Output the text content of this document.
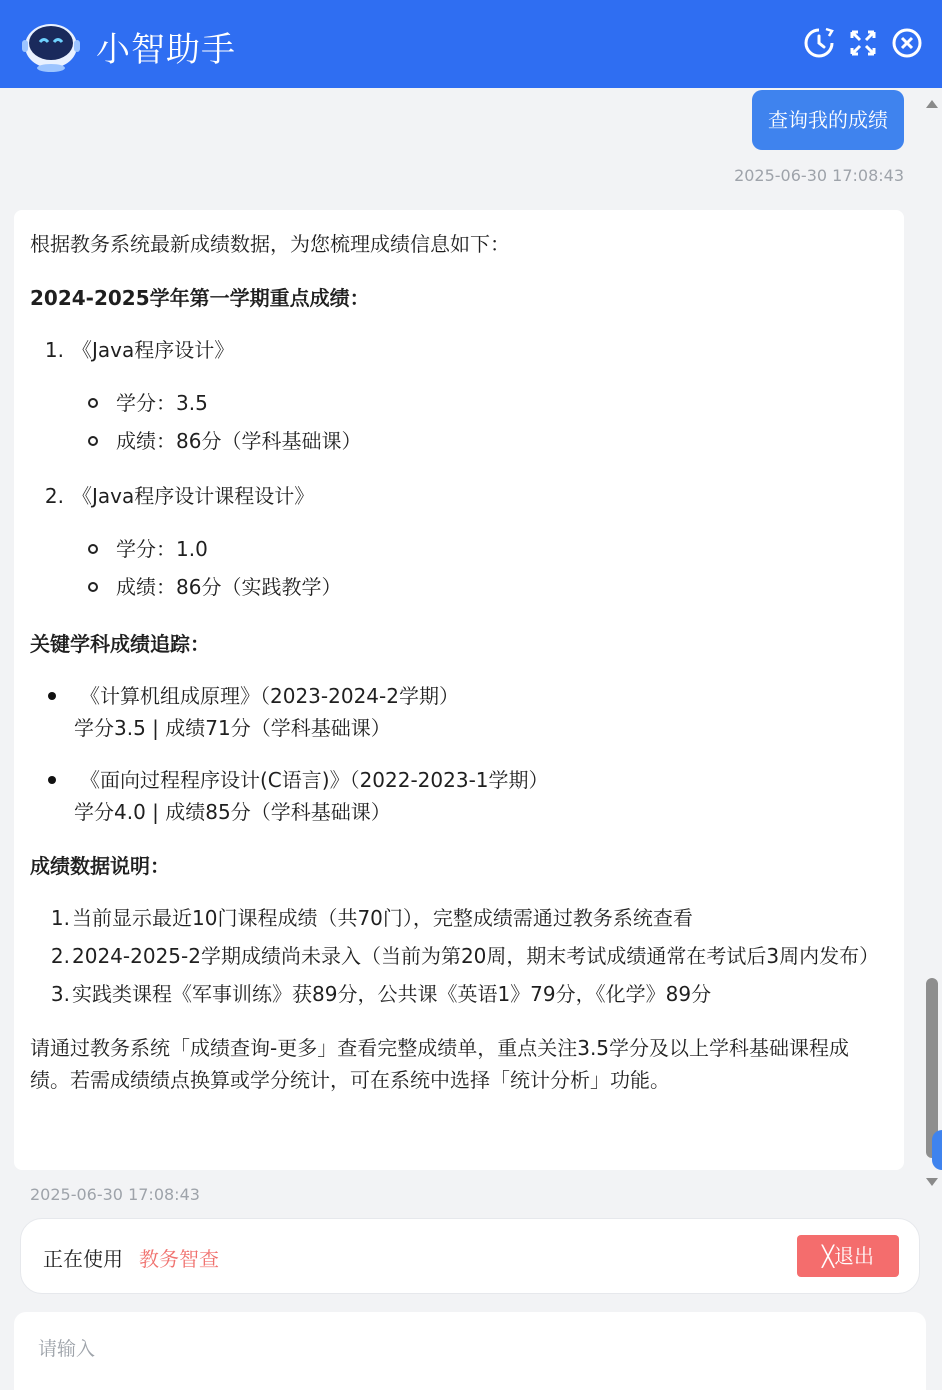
小智助手
查询我的成绩
2025-06-30 17:08:43

根据教务系统最新成绩数据，为您梳理成绩信息如下：

2024-2025学年第一学期重点成绩：

1. 《Java程序设计》
学分：3.5
成绩：86分（学科基础课）
2. 《Java程序设计课程设计》
学分：1.0
成绩：86分（实践教学）

关键学科成绩追踪：

《计算机组成原理》（2023-2024-2学期）
学分3.5 | 成绩71分（学科基础课）
《面向过程程序设计(C语言)》（2022-2023-1学期）
学分4.0 | 成绩85分（学科基础课）

成绩数据说明：

1. 当前显示最近10门课程成绩（共70门），完整成绩需通过教务系统查看
2. 2024-2025-2学期成绩尚未录入（当前为第20周，期末考试成绩通常在考试后3周内发布）
3. 实践类课程《军事训练》获89分，公共课《英语1》79分，《化学》89分

请通过教务系统「成绩查询-更多」查看完整成绩单，重点关注3.5学分及以上学科基础课程成绩。若需成绩绩点换算或学分统计，可在系统中选择「统计分析」功能。

2025-06-30 17:08:43
正在使用 教务智查	╳退出
请输入
